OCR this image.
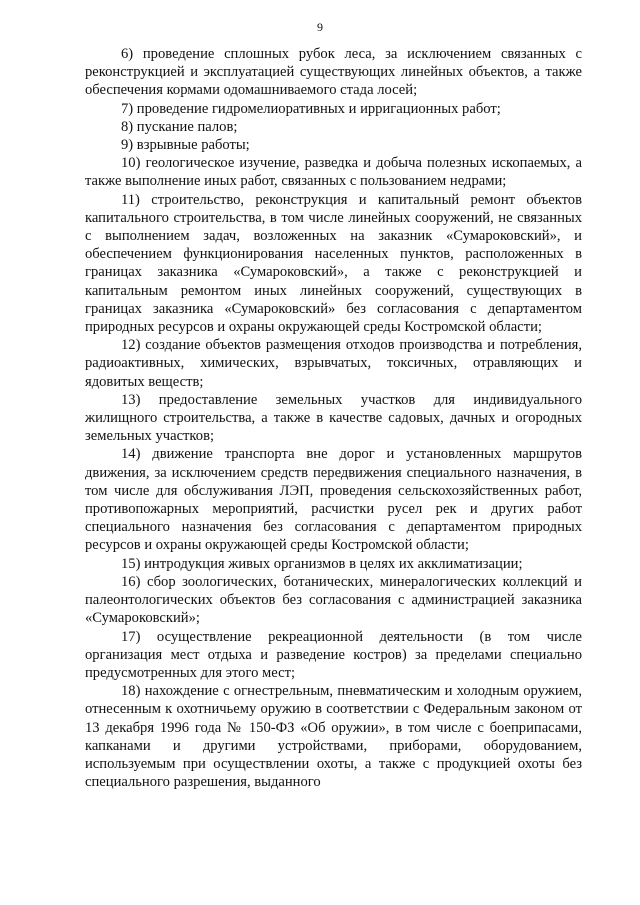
9

6) проведение сплошных рубок леса, за исключением связанных с реконструкцией и эксплуатацией существующих линейных объектов, а также обеспечения кормами одомашниваемого стада лосей;

7) проведение гидромелиоративных и ирригационных работ;

8) пускание палов;

9) взрывные работы;

10) геологическое изучение, разведка и добыча полезных ископаемых, а также выполнение иных работ, связанных с пользованием недрами;

11) строительство, реконструкция и капитальный ремонт объектов капитального строительства, в том числе линейных сооружений, не связанных с выполнением задач, возложенных на заказник «Сумароковский», и обеспечением функционирования населенных пунктов, расположенных в границах заказника «Сумароковский», а также с реконструкцией и капитальным ремонтом иных линейных сооружений, существующих в границах заказника «Сумароковский» без согласования с департаментом природных ресурсов и охраны окружающей среды Костромской области;

12) создание объектов размещения отходов производства и потребления, радиоактивных, химических, взрывчатых, токсичных, отравляющих и ядовитых веществ;

13) предоставление земельных участков для индивидуального жилищного строительства, а также в качестве садовых, дачных и огородных земельных участков;

14) движение транспорта вне дорог и установленных маршрутов движения, за исключением средств передвижения специального назначения, в том числе для обслуживания ЛЭП, проведения сельскохозяйственных работ, противопожарных мероприятий, расчистки русел рек и других работ специального назначения без согласования с департаментом природных ресурсов и охраны окружающей среды Костромской области;

15) интродукция живых организмов в целях их акклиматизации;

16) сбор зоологических, ботанических, минералогических коллекций и палеонтологических объектов без согласования с администрацией заказника «Сумароковский»;

17) осуществление рекреационной деятельности (в том числе организация мест отдыха и разведение костров) за пределами специально предусмотренных для этого мест;

18) нахождение с огнестрельным, пневматическим и холодным оружием, отнесенным к охотничьему оружию в соответствии с Федеральным законом от 13 декабря 1996 года № 150-ФЗ «Об оружии», в том числе с боеприпасами, капканами и другими устройствами, приборами, оборудованием, используемым при осуществлении охоты, а также с продукцией охоты без специального разрешения, выданного
